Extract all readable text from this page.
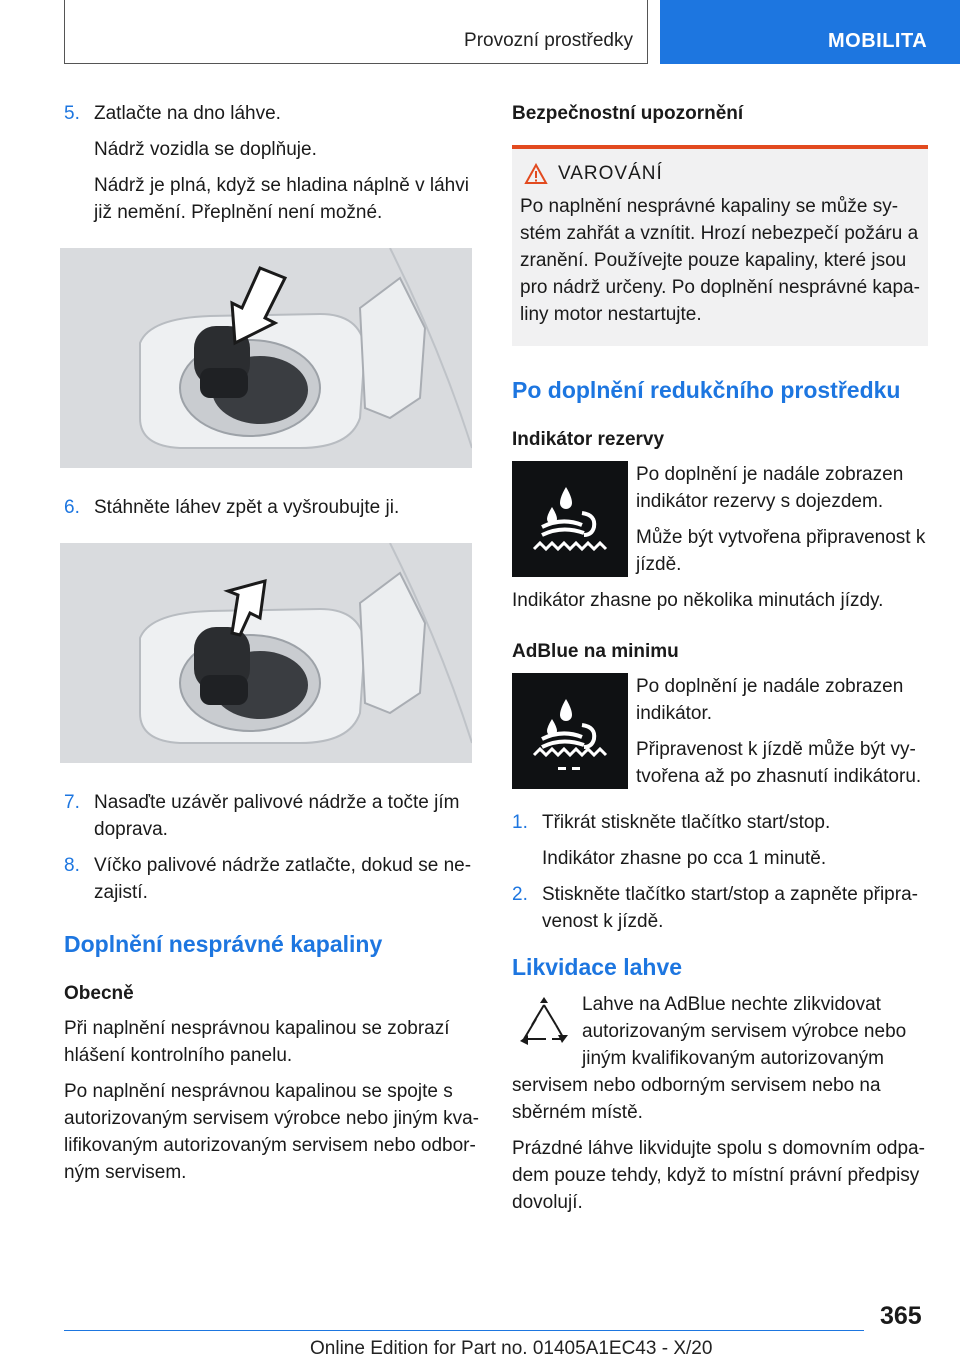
Provozní prostředky	MOBILITA

5. Zatlačte na dno láhve.

Nádrž vozidla se doplňuje.

Nádrž je plná, když se hladina náplně v láhvi již nemění. Přeplnění není možné.

6. Stáhněte láhev zpět a vyšroubujte ji.

7. Nasaďte uzávěr palivové nádrže a točte jím doprava.

8. Víčko palivové nádrže zatlačte, dokud se nezajistí.

Doplnění nesprávné kapaliny
Obecně

Při naplnění nesprávnou kapalinou se zobrazí hlášení kontrolního panelu.

Po naplnění nesprávnou kapalinou se spojte s autorizovaným servisem výrobce nebo jiným kvalifikovaným autorizovaným servisem nebo odborným servisem.

Bezpečnostní upozornění
VAROVÁNÍ

Po naplnění nesprávné kapaliny se může systém zahřát a vznítit. Hrozí nebezpečí požáru a zranění. Používejte pouze kapaliny, které jsou pro nádrž určeny. Po doplnění nesprávné kapaliny motor nestartujte.

Po doplnění redukčního prostředku
Indikátor rezervy

Po doplnění je nadále zobrazen indikátor rezervy s dojezdem.

Může být vytvořena připravenost k jízdě.

Indikátor zhasne po několika minutách jízdy.

AdBlue na minimu

Po doplnění je nadále zobrazen indikátor.

Připravenost k jízdě může být vytvořena až po zhasnutí indikátoru.

1. Třikrát stiskněte tlačítko start/stop.

Indikátor zhasne po cca 1 minutě.

2. Stiskněte tlačítko start/stop a zapněte připravenost k jízdě.

Likvidace lahve

Lahve na AdBlue nechte zlikvidovat autorizovaným servisem výrobce nebo jiným kvalifikovaným autorizovaným servisem nebo odborným servisem nebo na sběrném místě.

Prázdné láhve likvidujte spolu s domovním odpadem pouze tehdy, když to místní právní předpisy dovolují.

365
Online Edition for Part no. 01405A1EC43 - X/20
